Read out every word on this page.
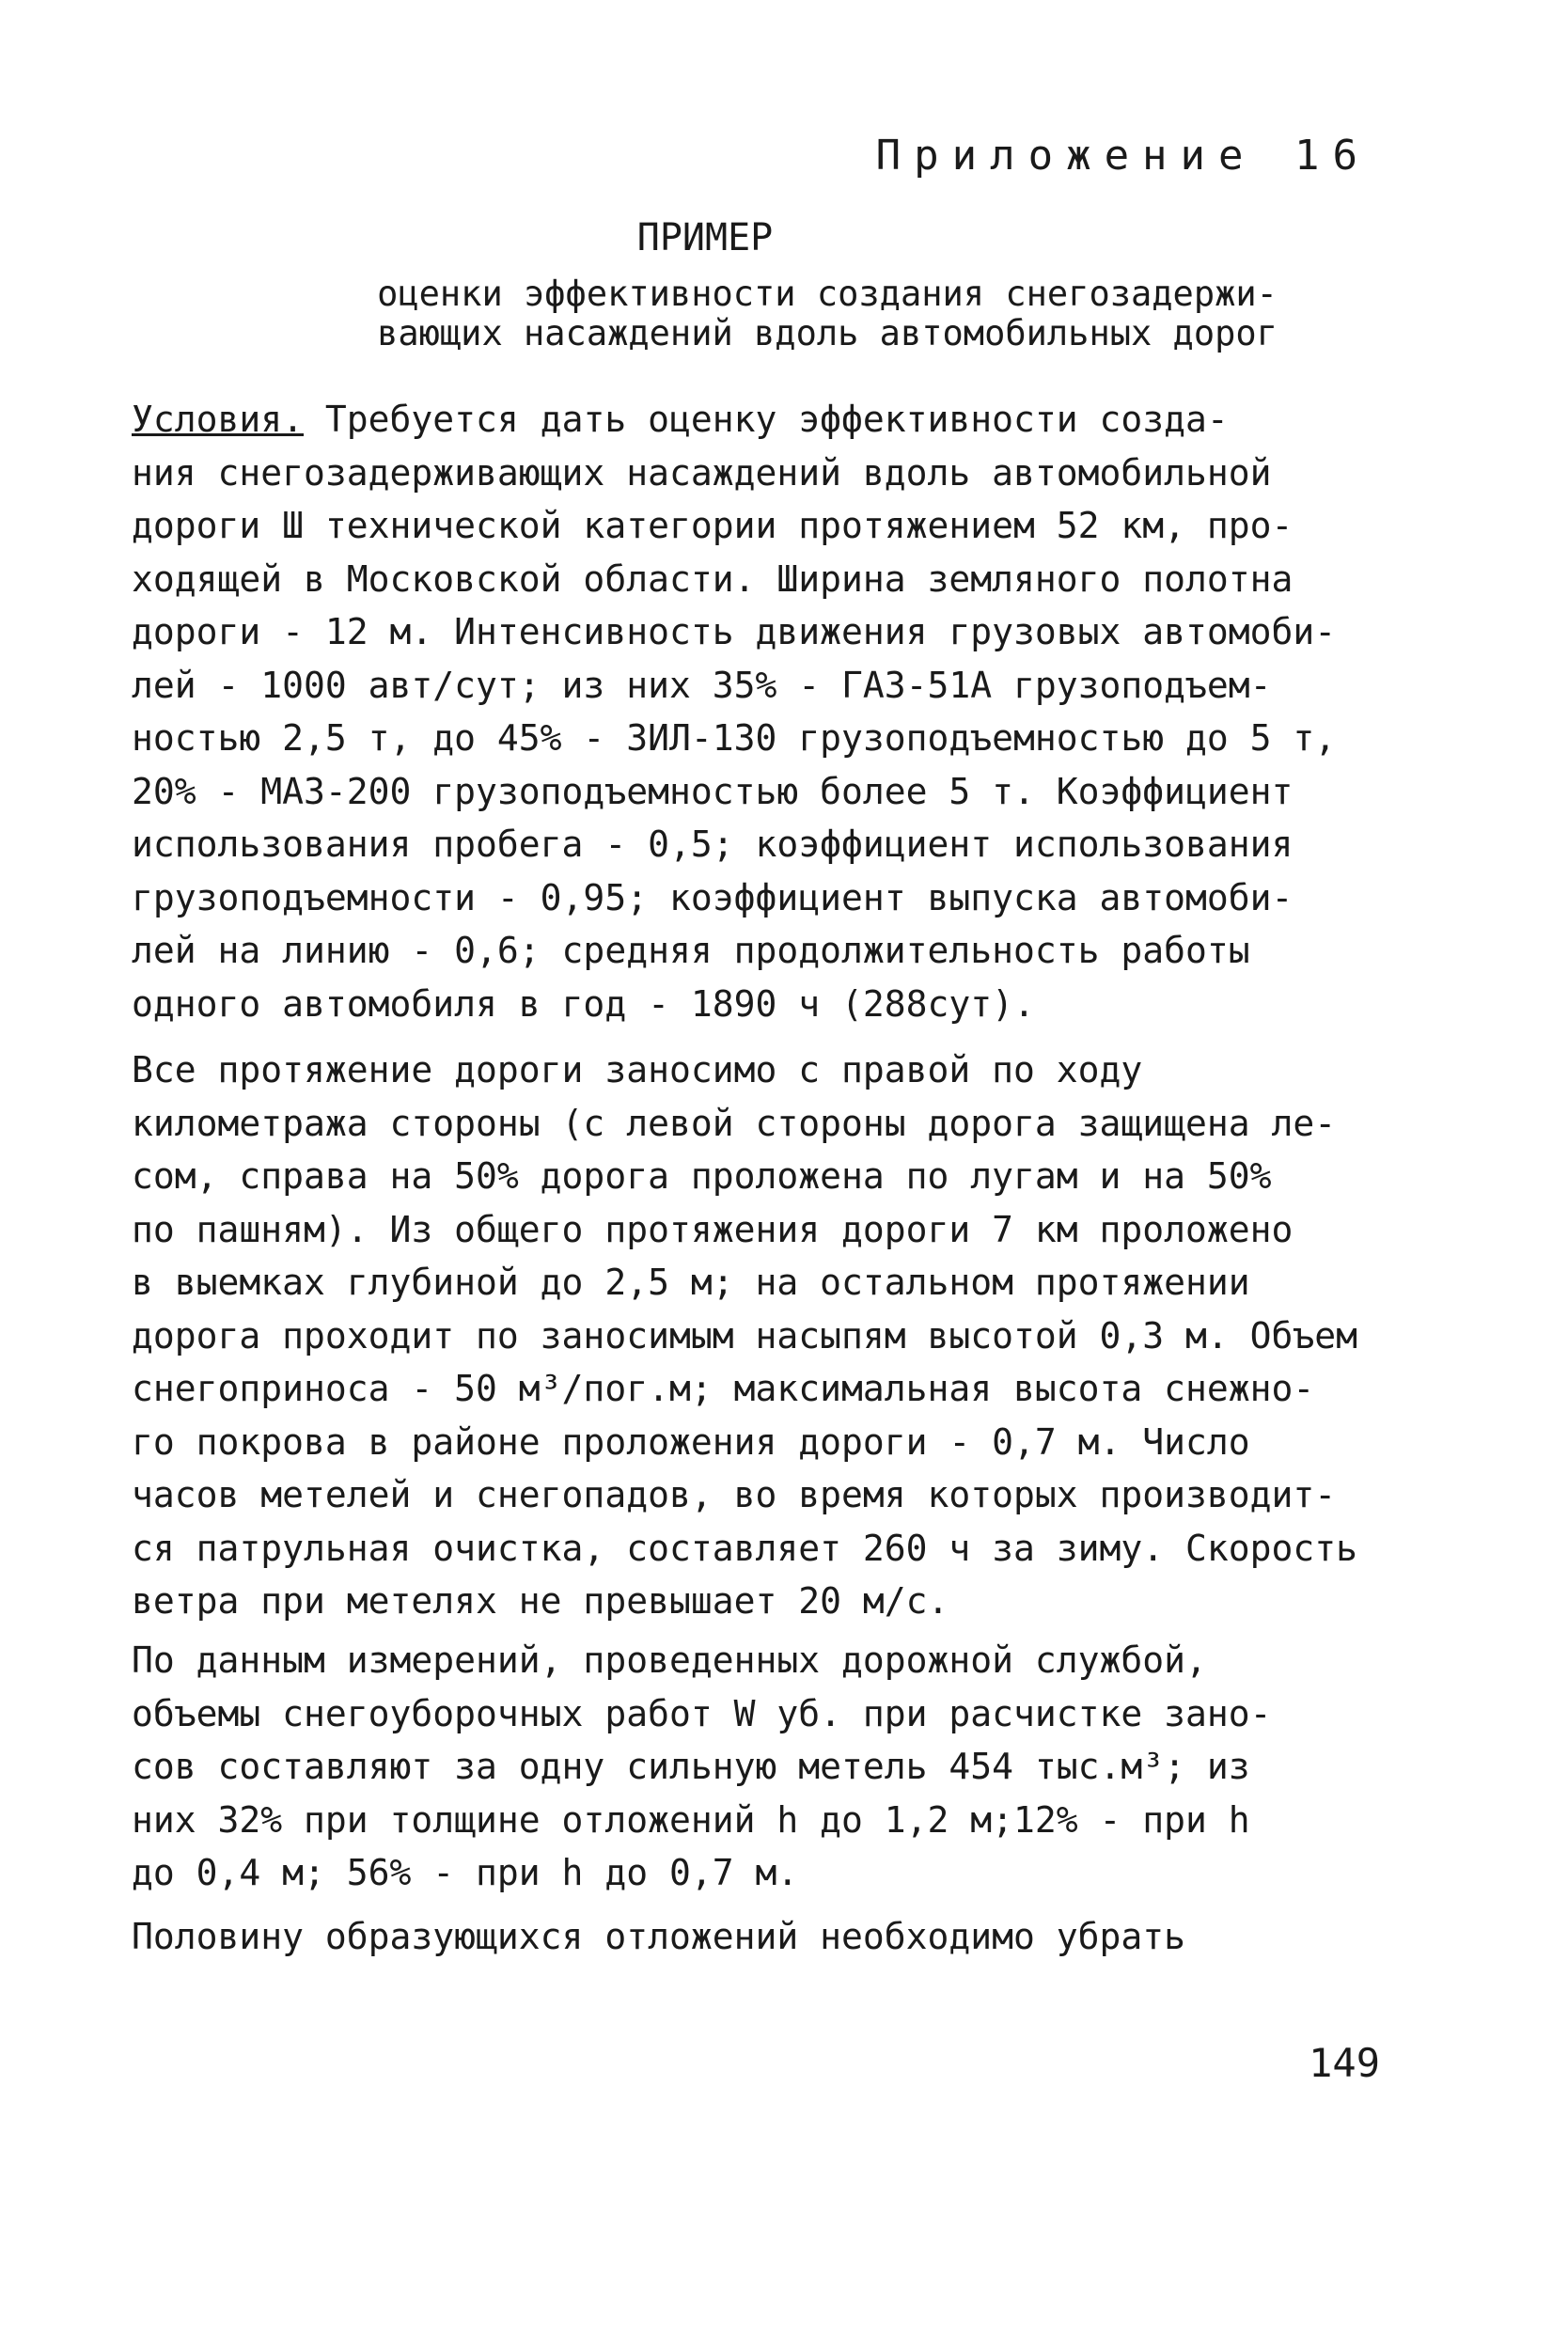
Приложение 16
ПРИМЕР
оценки эффективности создания снегозадержи-
вающих насаждений вдоль автомобильных дорог
Условия. Требуется дать оценку эффективности созда-
ния снегозадерживающих насаждений вдоль автомобильной
дороги Ш технической категории протяжением 52 км, про-
ходящей в Московской области. Ширина земляного полотна
дороги - 12 м. Интенсивность движения грузовых автомоби-
лей - 1000 авт/сут; из них 35% - ГАЗ-51А грузоподъем-
ностью 2,5 т, до 45% - ЗИЛ-130 грузоподъемностью до 5 т,
20% - МАЗ-200 грузоподъемностью более 5 т. Коэффициент
использования пробега - 0,5; коэффициент использования
грузоподъемности - 0,95; коэффициент выпуска автомоби-
лей на линию - 0,6; средняя продолжительность работы
одного автомобиля в год - 1890 ч (288сут).
Все протяжение дороги заносимо с правой по ходу
километража стороны (с левой стороны дорога защищена ле-
сом, справа на 50% дорога проложена по лугам и на 50%
по пашням). Из общего протяжения дороги 7 км проложено
в выемках глубиной до 2,5 м; на остальном протяжении
дорога проходит по заносимым насыпям высотой 0,3 м. Объем
снегоприноса - 50 м³/пог.м; максимальная высота снежно-
го покрова в районе проложения дороги - 0,7 м. Число
часов метелей и снегопадов, во время которых производит-
ся патрульная очистка, составляет 260 ч за зиму. Скорость
ветра при метелях не превышает 20 м/с.
По данным измерений, проведенных дорожной службой,
объемы снегоуборочных работ W уб. при расчистке зано-
сов составляют за одну сильную метель 454 тыс.м³; из
них 32% при толщине отложений h до 1,2 м;12% - при h
до 0,4 м; 56% - при h до 0,7 м.
Половину образующихся отложений необходимо убрать
149
